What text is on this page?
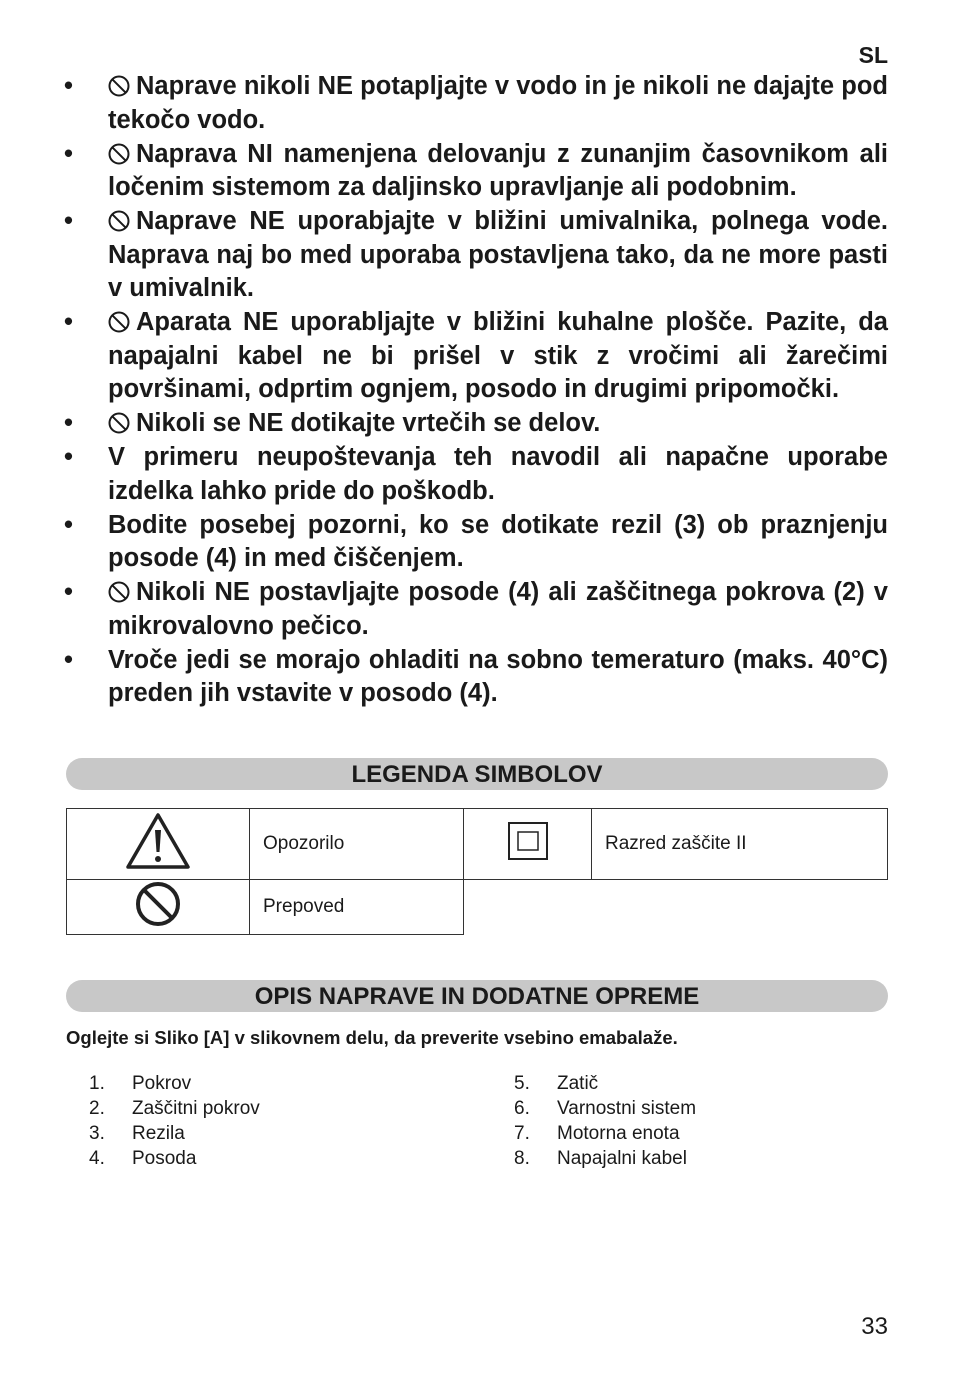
SL
• Naprave nikoli NE potapljajte v vodo in je nikoli ne dajajte pod tekočo vodo.
• Naprava NI namenjena delovanju z zunanjim časovnikom ali ločenim sistemom za daljinsko upravljanje ali podobnim.
• Naprave NE uporabjajte v bližini umivalnika, polnega vode. Naprava naj bo med uporaba postavljena tako, da ne more pasti v umivalnik.
• Aparata NE uporabljajte v bližini kuhalne plošče. Pazite, da napajalni kabel ne bi prišel v stik z vročimi ali žarečimi površinami, odprtim ognjem, posodo in drugimi pripomočki.
• Nikoli se NE dotikajte vrtečih se delov.
• V primeru neupoštevanja teh navodil ali napačne uporabe izdelka lahko pride do poškodb.
• Bodite posebej pozorni, ko se dotikate rezil (3) ob praznjenju posode (4) in med čiščenjem.
• Nikoli NE postavljajte posode (4) ali zaščitnega pokrova (2) v mikrovalovno pečico.
• Vroče jedi se morajo ohladiti na sobno temeraturo (maks. 40°C) preden jih vstavite v posodo (4).
LEGENDA SIMBOLOV
	Opozorilo		Razred zaščite II
	Prepoved		
OPIS NAPRAVE IN DODATNE OPREME
Oglejte si Sliko [A] v slikovnem delu, da preverite vsebino emabalaže.
1. Pokrov
2. Zaščitni pokrov
3. Rezila
4. Posoda
5. Zatič
6. Varnostni sistem
7. Motorna enota
8. Napajalni kabel
33
